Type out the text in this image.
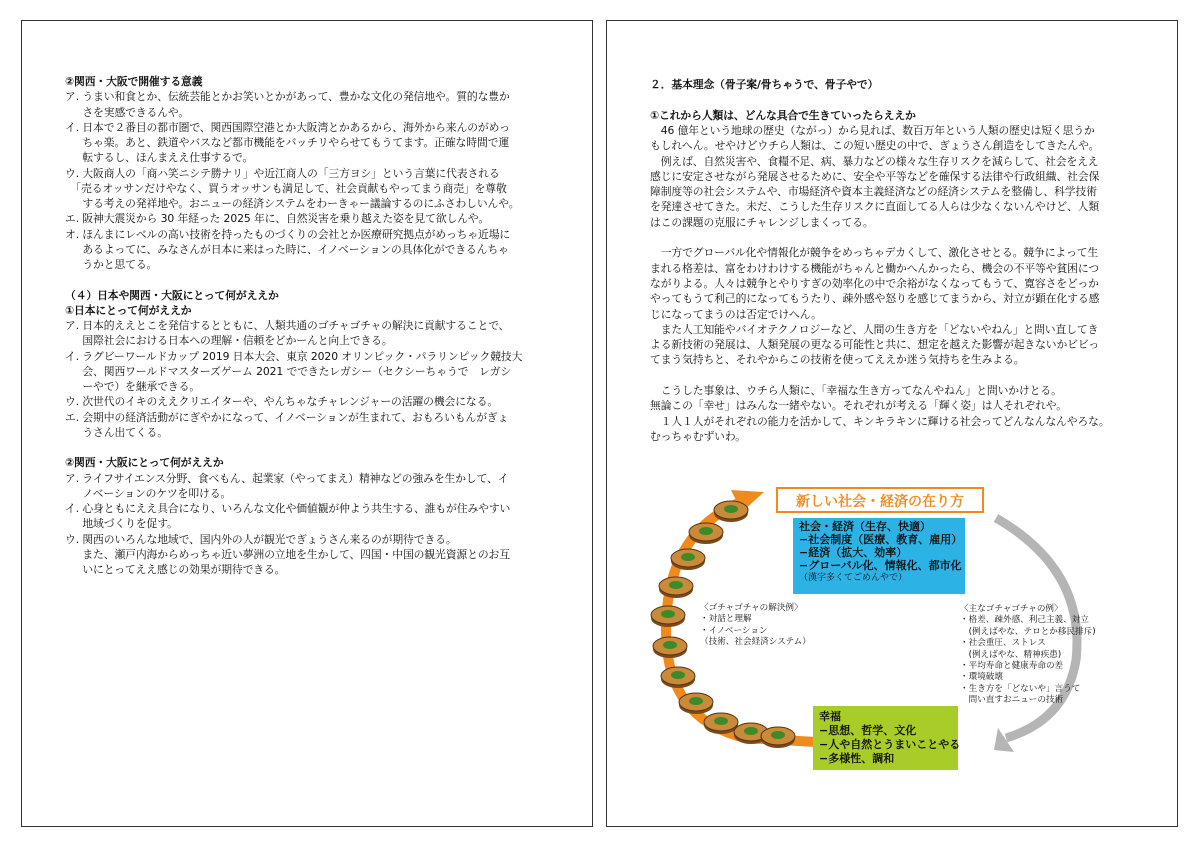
②関西・大阪で開催する意義
ア. うまい和食とか、伝統芸能とかお笑いとかがあって、豊かな文化の発信地や。質的な豊か
　  さを実感できるんや。
イ. 日本で２番目の都市圏で、関西国際空港とか大阪湾とかあるから、海外から来んのがめっ
　  ちゃ楽。あと、鉄道やバスなど都市機能をバッチリやらせてもうてます。正確な時間で運
　  転するし、ほんまええ仕事するで。
ウ. 大阪商人の「商ハ笑ニシテ勝ナリ」や近江商人の「三方ヨシ」という言葉に代表される
　「売るオッサンだけやなく、買うオッサンも満足して、社会貢献もやってまう商売」を尊敬
　  する考えの発祥地や。おニューの経済システムをわーきゃー議論するのにふさわしいんや。
エ. 阪神大震災から 30 年経った 2025 年に、自然災害を乗り越えた姿を見て欲しんや。
オ. ほんまにレベルの高い技術を持ったものづくりの会社とか医療研究拠点がめっちゃ近場に
　  あるよってに、みなさんが日本に来はった時に、イノベーションの具体化ができるんちゃ
　  うかと思てる。
（４）日本や関西・大阪にとって何がええか
①日本にとって何がええか
ア. 日本的ええとこを発信するとともに、人類共通のゴチャゴチャの解決に貢献することで、
　  国際社会における日本への理解・信頼をどかーんと向上できる。
イ. ラグビーワールドカップ 2019 日本大会、東京 2020 オリンピック・パラリンピック競技大
　  会、関西ワールドマスターズゲーム 2021 でできたレガシー（セクシーちゃうで　レガシ
　  ーやで）を継承できる。
ウ. 次世代のイキのええクリエイターや、やんちゃなチャレンジャーの活躍の機会になる。
エ. 会期中の経済活動がにぎやかになって、イノベーションが生まれて、おもろいもんがぎょ
　  うさん出てくる。
②関西・大阪にとって何がええか
ア. ライフサイエンス分野、食べもん、起業家（やってまえ）精神などの強みを生かして、イ
　  ノベーションのケツを叩ける。
イ. 心身ともにええ具合になり、いろんな文化や価値観が仲よう共生する、誰もが住みやすい
　  地域づくりを促す。
ウ. 関西のいろんな地域で、国内外の人が観光でぎょうさん来るのが期待できる。
　  また、瀬戸内海からめっちゃ近い夢洲の立地を生かして、四国・中国の観光資源とのお互
　  いにとってええ感じの効果が期待できる。
２．基本理念（骨子案/骨ちゃうで、骨子やで）
①これから人類は、どんな具合で生きていったらええか
　46 億年という地球の歴史（ながっ）から見れば、数百万年という人類の歴史は短く思うか
もしれへん。せやけどウチら人類は、この短い歴史の中で、ぎょうさん創造をしてきたんや。
　例えば、自然災害や、食糧不足、病、暴力などの様々な生存リスクを減らして、社会をええ
感じに安定させながら発展させるために、安全や平等などを確保する法律や行政組織、社会保
障制度等の社会システムや、市場経済や資本主義経済などの経済システムを整備し、科学技術
を発達させてきた。未だ、こうした生存リスクに直面してる人らは少なくないんやけど、人類
はこの課題の克服にチャレンジしまくってる。
　一方でグローバル化や情報化が競争をめっちゃデカくして、激化させとる。競争によって生
まれる格差は、富をわけわけする機能がちゃんと働かへんかったら、機会の不平等や貧困につ
ながりよる。人々は競争とやりすぎの効率化の中で余裕がなくなってもうて、寛容さをどっか
やってもうて利己的になってもうたり、疎外感や怒りを感じてまうから、対立が顕在化する感
じになってまうのは否定でけへん。
　また人工知能やバイオテクノロジーなど、人間の生き方を「どないやねん」と問い直してき
よる新技術の発展は、人類発展の更なる可能性と共に、想定を越えた影響が起きないかビビっ
てまう気持ちと、それやからこの技術を使ってええか迷う気持ちを生みよる。
　こうした事象は、ウチら人類に、「幸福な生き方ってなんやねん」と問いかけとる。
無論この「幸せ」はみんな一緒やない。それぞれが考える「輝く姿」は人それぞれや。
　１人１人がそれぞれの能力を活かして、キンキラキンに輝ける社会ってどんなんなんやろな。
むっちゃむずいわ。
新しい社会・経済の在り方
社会・経済（生存、快適）
−社会制度（医療、教育、雇用）
−経済（拡大、効率）
−グローバル化、情報化、都市化
（漢字多くてごめんやで）
幸福
−思想、哲学、文化
−人や自然とうまいことやる
−多様性、調和
〈ゴチャゴチャの解決例〉
・対話と理解
・イノベーション
（技術、社会経済システム）
〈主なゴチャゴチャの例〉
・格差、疎外感、利己主義、対立
　(例えばやな、テロとか移民排斥)
・社会重圧、ストレス
　(例えばやな、精神疾患)
・平均寿命と健康寿命の差
・環境破壊
・生き方を「どないや」言うて
　問い直すおニューの技術
